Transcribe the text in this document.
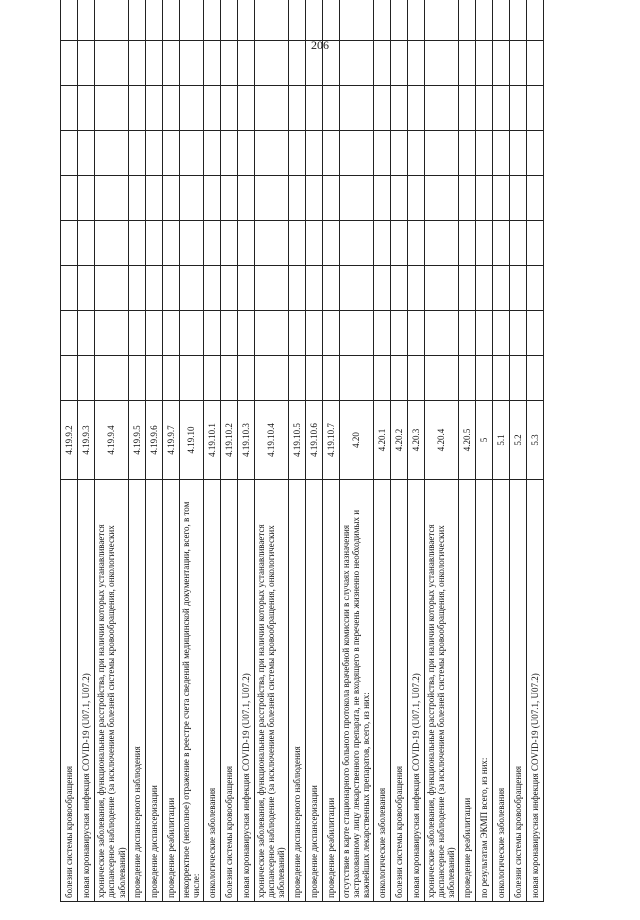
206
болезни системы кровообращения	4.19.9.2									
новая коронавирусная инфекция COVID-19 (U07.1, U07.2)	4.19.9.3									
хронические заболевания, функциональные расстройства, при наличии которых устанавливается диспансерное наблюдение (за исключением болезней системы кровообращения, онкологических заболеваний)	4.19.9.4									
проведение диспансерного наблюдения	4.19.9.5									
проведение диспансеризации	4.19.9.6									
проведение реабилитации	4.19.9.7									
некорректное (неполное) отражение в реестре счета сведений медицинской документации, всего, в том числе:	4.19.10									
онкологические заболевания	4.19.10.1									
болезни системы кровообращения	4.19.10.2									
новая коронавирусная инфекция COVID-19 (U07.1, U07.2)	4.19.10.3									
хронические заболевания, функциональные расстройства, при наличии которых устанавливается диспансерное наблюдение (за исключением болезней системы кровообращения, онкологических заболеваний)	4.19.10.4									
проведение диспансерного наблюдения	4.19.10.5									
проведение диспансеризации	4.19.10.6									
проведение реабилитации	4.19.10.7									
отсутствие в карте стационарного больного протокола врачебной комиссии в случаях назначения застрахованному лицу лекарственного препарата, не входящего в перечень жизненно необходимых и важнейших лекарственных препаратов, всего, из них:	4.20									
онкологические заболевания	4.20.1									
болезни системы кровообращения	4.20.2									
новая коронавирусная инфекция COVID-19 (U07.1, U07.2)	4.20.3									
хронические заболевания, функциональные расстройства, при наличии которых устанавливается диспансерное наблюдение (за исключением болезней системы кровообращения, онкологических заболеваний)	4.20.4									
проведение реабилитации	4.20.5									
по результатам ЭКМП всего, из них:	5									
онкологические заболевания	5.1									
болезни системы кровообращения	5.2									
новая коронавирусная инфекция COVID-19 (U07.1, U07.2)	5.3									
